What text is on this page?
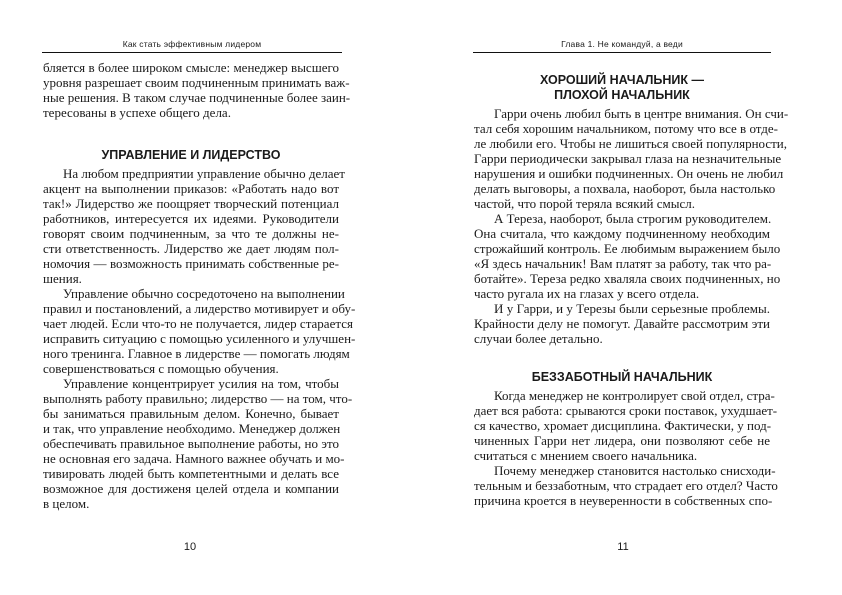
Как стать эффективным лидером
бляется в более широком смысле: менеджер высшего
уровня разрешает своим подчиненным принимать важ-
ные решения. В таком случае подчиненные более заин-
тересованы в успехе общего дела.
УПРАВЛЕНИЕ И ЛИДЕРСТВО
На любом предприятии управление обычно делает
акцент на выполнении приказов: «Работать надо вот
так!» Лидерство же поощряет творческий потенциал
работников, интересуется их идеями. Руководители
говорят своим подчиненным, за что те должны не-
сти ответственность. Лидерство же дает людям пол-
номочия — возможность принимать собственные ре-
шения.
Управление обычно сосредоточено на выполнении
правил и постановлений, а лидерство мотивирует и обу-
чает людей. Если что-то не получается, лидер старается
исправить ситуацию с помощью усиленного и улучшен-
ного тренинга. Главное в лидерстве — помогать людям
совершенствоваться с помощью обучения.
Управление концентрирует усилия на том, чтобы
выполнять работу правильно; лидерство — на том, что-
бы заниматься правильным делом. Конечно, бывает
и так, что управление необходимо. Менеджер должен
обеспечивать правильное выполнение работы, но это
не основная его задача. Намного важнее обучать и мо-
тивировать людей быть компетентными и делать все
возможное для достиженя целей отдела и компании
в целом.
10
Глава 1. Не командуй, а веди
ХОРОШИЙ НАЧАЛЬНИК —
ПЛОХОЙ НАЧАЛЬНИК
Гарри очень любил быть в центре внимания. Он счи-
тал себя хорошим начальником, потому что все в отде-
ле любили его. Чтобы не лишиться своей популярности,
Гарри периодически закрывал глаза на незначительные
нарушения и ошибки подчиненных. Он очень не любил
делать выговоры, а похвала, наоборот, была настолько
частой, что порой теряла всякий смысл.
А Тереза, наоборот, была строгим руководителем.
Она считала, что каждому подчиненному необходим
строжайший контроль. Ее любимым выражением было
«Я здесь начальник! Вам платят за работу, так что ра-
ботайте». Тереза редко хваляла своих подчиненных, но
часто ругала их на глазах у всего отдела.
И у Гарри, и у Терезы были серьезные проблемы.
Крайности делу не помогут. Давайте рассмотрим эти
случаи более детально.
БЕЗЗАБОТНЫЙ НАЧАЛЬНИК
Когда менеджер не контролирует свой отдел, стра-
дает вся работа: срываются сроки поставок, ухудшает-
ся качество, хромает дисциплина. Фактически, у под-
чиненных Гарри нет лидера, они позволяют себе не
считаться с мнением своего начальника.
Почему менеджер становится настолько снисходи-
тельным и беззаботным, что страдает его отдел? Часто
причина кроется в неуверенности в собственных спо-
11
